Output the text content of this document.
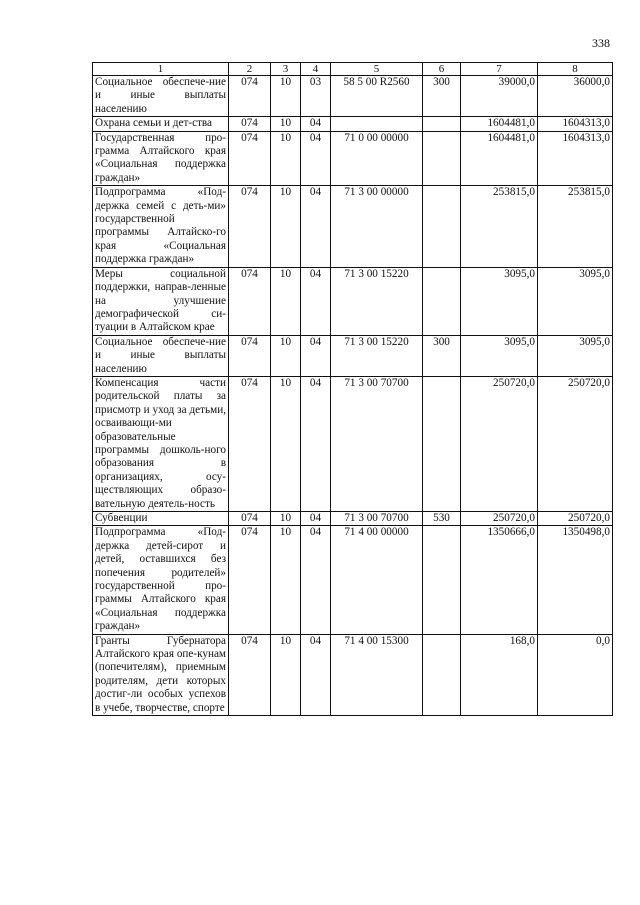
338
1	2	3	4	5	6	7	8
Социальное обеспече-ние и иные выплаты населению	074	10	03	58 5 00 R2560	300	39000,0	36000,0
Охрана семьи и дет-ства	074	10	04			1604481,0	1604313,0
Государственная про-грамма Алтайского края «Социальная поддержка граждан»	074	10	04	71 0 00 00000		1604481,0	1604313,0
Подпрограмма «Под-держка семей с деть-ми» государственной программы Алтайско-го края «Социальная поддержка граждан»	074	10	04	71 3 00 00000		253815,0	253815,0
Меры социальной поддержки, направ-ленные на улучшение демографической си-туации в Алтайском крае	074	10	04	71 3 00 15220		3095,0	3095,0
Социальное обеспече-ние и иные выплаты населению	074	10	04	71 3 00 15220	300	3095,0	3095,0
Компенсация части родительской платы за присмотр и уход за детьми, осваивающи-ми образовательные программы дошколь-ного образования в организациях, осу-ществляющих образо-вательную деятель-ность	074	10	04	71 3 00 70700		250720,0	250720,0
Субвенции	074	10	04	71 3 00 70700	530	250720,0	250720,0
Подпрограмма «Под-держка детей-сирот и детей, оставшихся без попечения родителей» государственной про-граммы Алтайского края «Социальная поддержка граждан»	074	10	04	71 4 00 00000		1350666,0	1350498,0
Гранты Губернатора Алтайского края опе-кунам (попечителям), приемным родителям, дети которых достиг-ли особых успехов в учебе, творчестве, спорте	074	10	04	71 4 00 15300		168,0	0,0
